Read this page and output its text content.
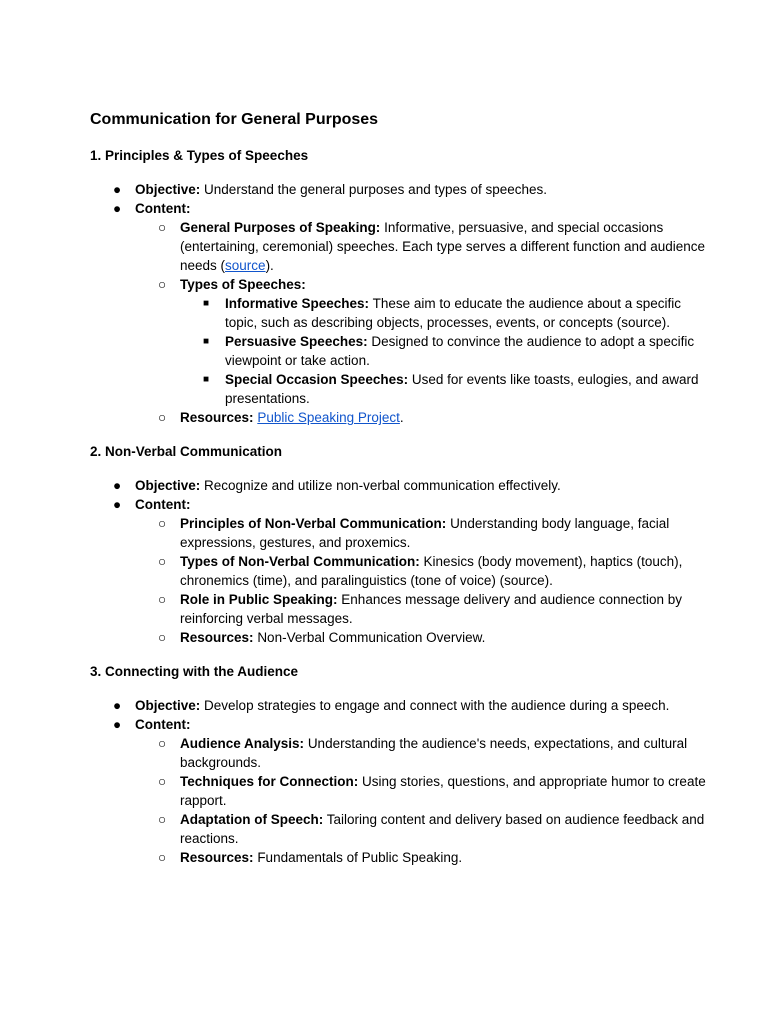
Communication for General Purposes
1. Principles & Types of Speeches
● Objective: Understand the general purposes and types of speeches.
● Content:
○ General Purposes of Speaking: Informative, persuasive, and special occasions (entertaining, ceremonial) speeches. Each type serves a different function and audience needs (source).
○ Types of Speeches:
■ Informative Speeches: These aim to educate the audience about a specific topic, such as describing objects, processes, events, or concepts (source).
■ Persuasive Speeches: Designed to convince the audience to adopt a specific viewpoint or take action.
■ Special Occasion Speeches: Used for events like toasts, eulogies, and award presentations.
○ Resources: Public Speaking Project.
2. Non-Verbal Communication
● Objective: Recognize and utilize non-verbal communication effectively.
● Content:
○ Principles of Non-Verbal Communication: Understanding body language, facial expressions, gestures, and proxemics.
○ Types of Non-Verbal Communication: Kinesics (body movement), haptics (touch), chronemics (time), and paralinguistics (tone of voice) (source).
○ Role in Public Speaking: Enhances message delivery and audience connection by reinforcing verbal messages.
○ Resources: Non-Verbal Communication Overview.
3. Connecting with the Audience
● Objective: Develop strategies to engage and connect with the audience during a speech.
● Content:
○ Audience Analysis: Understanding the audience's needs, expectations, and cultural backgrounds.
○ Techniques for Connection: Using stories, questions, and appropriate humor to create rapport.
○ Adaptation of Speech: Tailoring content and delivery based on audience feedback and reactions.
○ Resources: Fundamentals of Public Speaking.
